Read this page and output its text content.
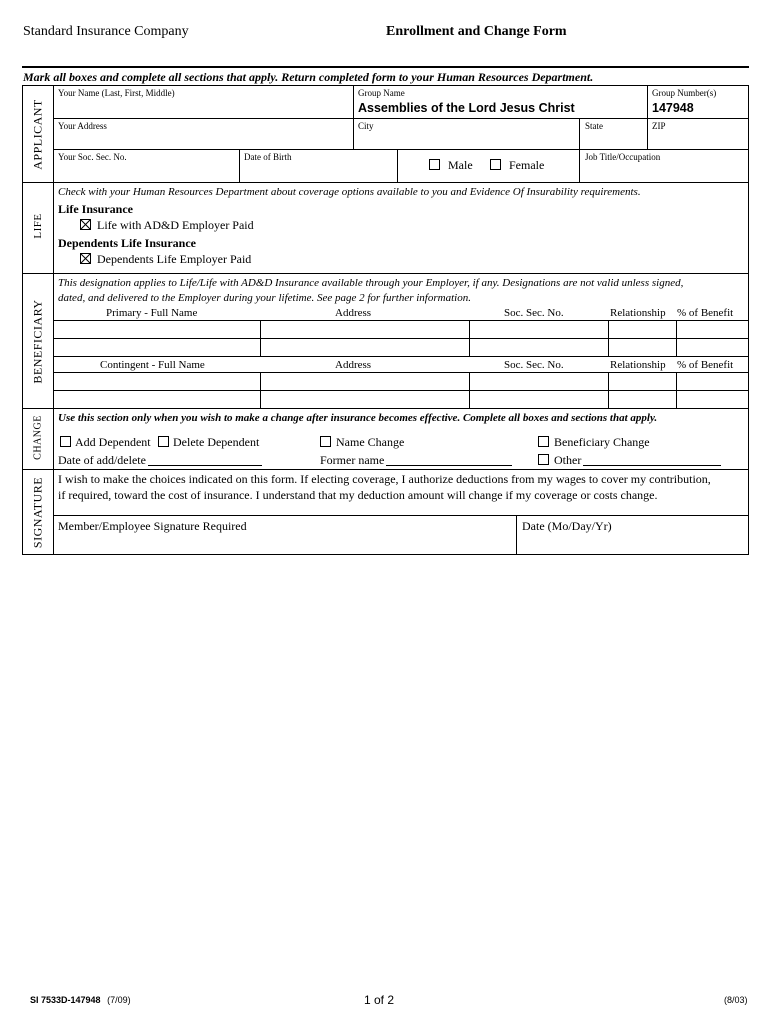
Standard Insurance Company	Enrollment and Change Form
Mark all boxes and complete all sections that apply. Return completed form to your Human Resources Department.
APPLICANT
LIFE
BENEFICIARY
CHANGE
SIGNATURE
Your Name (Last, First, Middle)	Group Name
Assemblies of the Lord Jesus Christ
Group Number(s)
147948
Your Address	City	State	ZIP
Your Soc. Sec. No.	Date of Birth
Male	Female
Job Title/Occupation
Check with your Human Resources Department about coverage options available to you and Evidence Of Insurability requirements.
Life Insurance
Life with AD&D Employer Paid
Dependents Life Insurance
Dependents Life Employer Paid
This designation applies to Life/Life with AD&D Insurance available through your Employer, if any. Designations are not valid unless signed,
dated, and delivered to the Employer during your lifetime. See page 2 for further information.
Primary - Full Name	Address	Soc. Sec. No.	Relationship % of Benefit
Contingent - Full Name	Address	Soc. Sec. No.	Relationship % of Benefit
Use this section only when you wish to make a change after insurance becomes effective. Complete all boxes and sections that apply.
Add Dependent Delete Dependent	Name Change	Beneficiary Change
Date of add/delete	Former name	Other
I wish to make the choices indicated on this form. If electing coverage, I authorize deductions from my wages to cover my contribution,
if required, toward the cost of insurance. I understand that my deduction amount will change if my coverage or costs change.
Member/Employee Signature Required	Date (Mo/Day/Yr)
SI 7533D-147948 (7/09)	1 of 2	(8/03)
